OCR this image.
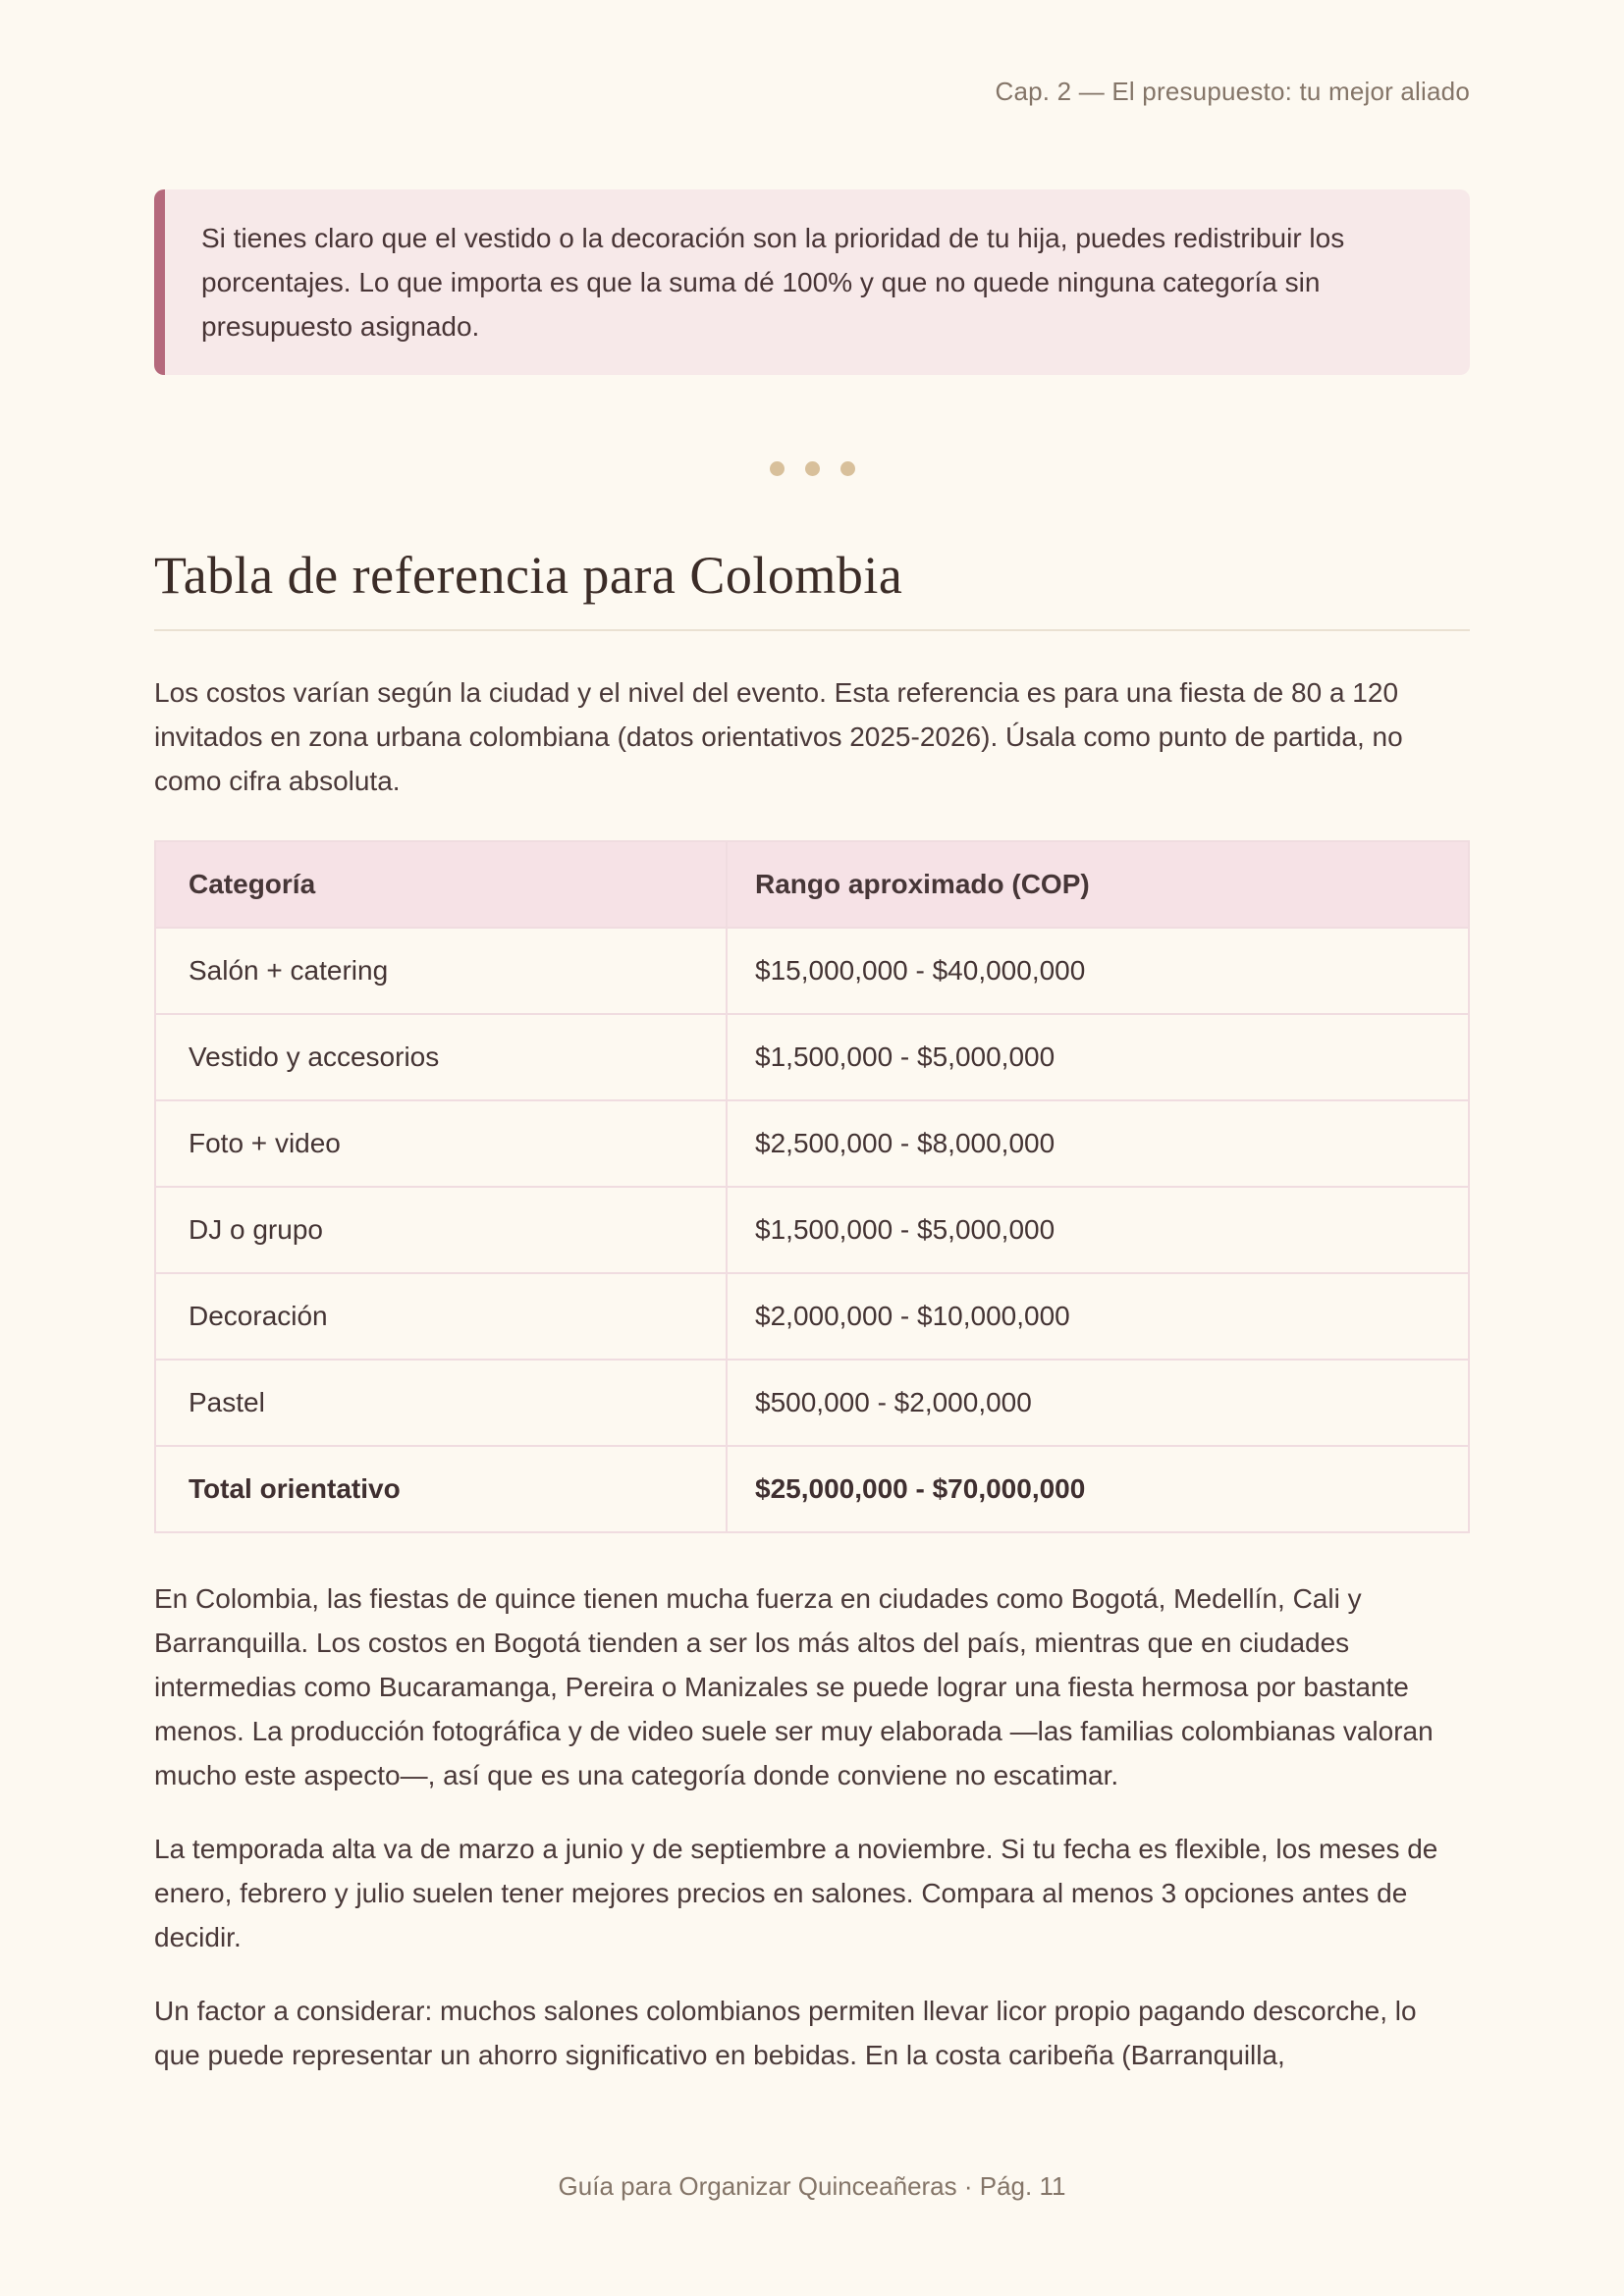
Cap. 2 — El presupuesto: tu mejor aliado
Si tienes claro que el vestido o la decoración son la prioridad de tu hija, puedes redistribuir los porcentajes. Lo que importa es que la suma dé 100% y que no quede ninguna categoría sin presupuesto asignado.
Tabla de referencia para Colombia

Los costos varían según la ciudad y el nivel del evento. Esta referencia es para una fiesta de 80 a 120 invitados en zona urbana colombiana (datos orientativos 2025-2026). Úsala como punto de partida, no como cifra absoluta.

Categoría	Rango aproximado (COP)
Salón + catering	$15,000,000 - $40,000,000
Vestido y accesorios	$1,500,000 - $5,000,000
Foto + video	$2,500,000 - $8,000,000
DJ o grupo	$1,500,000 - $5,000,000
Decoración	$2,000,000 - $10,000,000
Pastel	$500,000 - $2,000,000
Total orientativo	$25,000,000 - $70,000,000

En Colombia, las fiestas de quince tienen mucha fuerza en ciudades como Bogotá, Medellín, Cali y Barranquilla. Los costos en Bogotá tienden a ser los más altos del país, mientras que en ciudades intermedias como Bucaramanga, Pereira o Manizales se puede lograr una fiesta hermosa por bastante menos. La producción fotográfica y de video suele ser muy elaborada —las familias colombianas valoran mucho este aspecto—, así que es una categoría donde conviene no escatimar.

La temporada alta va de marzo a junio y de septiembre a noviembre. Si tu fecha es flexible, los meses de enero, febrero y julio suelen tener mejores precios en salones. Compara al menos 3 opciones antes de decidir.

Un factor a considerar: muchos salones colombianos permiten llevar licor propio pagando descorche, lo que puede representar un ahorro significativo en bebidas. En la costa caribeña (Barranquilla,

Guía para Organizar Quinceañeras · Pág. 11
